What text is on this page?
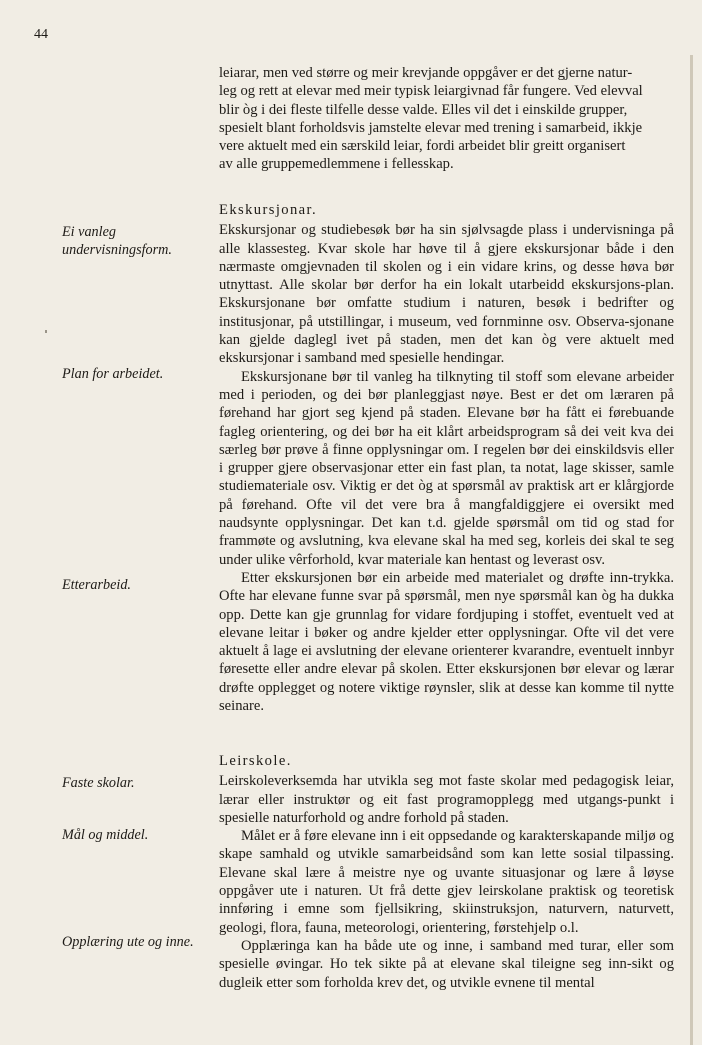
44
leiarar, men ved større og meir krevjande oppgåver er det gjerne natur-
leg og rett at elevar med meir typisk leiargivnad får fungere. Ved elevval
blir òg i dei fleste tilfelle desse valde. Elles vil det i einskilde grupper,
spesielt blant forholdsvis jamstelte elevar med trening i samarbeid, ikkje
vere aktuelt med ein særskild leiar, fordi arbeidet blir greitt organisert
av alle gruppemedlemmene i fellesskap.
Ekskursjonar.

Ekskursjonar og studiebesøk bør ha sin sjølvsagde plass i undervisninga på alle klassesteg. Kvar skole har høve til å gjere ekskursjonar både i den nærmaste omgjevnaden til skolen og i ein vidare krins, og desse høva bør utnyttast. Alle skolar bør derfor ha ein lokalt utarbeidd ekskursjons-plan. Ekskursjonane bør omfatte studium i naturen, besøk i bedrifter og institusjonar, på utstillingar, i museum, ved fornminne osv. Observa-sjonane kan gjelde daglegl ivet på staden, men det kan òg vere aktuelt med ekskursjonar i samband med spesielle hendingar.

Ekskursjonane bør til vanleg ha tilknyting til stoff som elevane arbeider med i perioden, og dei bør planleggjast nøye. Best er det om læraren på førehand har gjort seg kjend på staden. Elevane bør ha fått ei førebuande fagleg orientering, og dei bør ha eit klårt arbeidsprogram så dei veit kva dei særleg bør prøve å finne opplysningar om. I regelen bør dei einskildsvis eller i grupper gjere observasjonar etter ein fast plan, ta notat, lage skisser, samle studiemateriale osv. Viktig er det òg at spørsmål av praktisk art er klårgjorde på førehand. Ofte vil det vere bra å mangfaldiggjere ei oversikt med naudsynte opplysningar. Det kan t.d. gjelde spørsmål om tid og stad for frammøte og avslutning, kva elevane skal ha med seg, korleis dei skal te seg under ulike vêrforhold, kvar materiale kan hentast og leverast osv.

Etter ekskursjonen bør ein arbeide med materialet og drøfte inn-trykka. Ofte har elevane funne svar på spørsmål, men nye spørsmål kan òg ha dukka opp. Dette kan gje grunnlag for vidare fordjuping i stoffet, eventuelt ved at elevane leitar i bøker og andre kjelder etter opplysningar. Ofte vil det vere aktuelt å lage ei avslutning der elevane orienterer kvarandre, eventuelt innbyr føresette eller andre elevar på skolen. Etter ekskursjonen bør elevar og lærar drøfte opplegget og notere viktige røynsler, slik at desse kan komme til nytte seinare.

Ei vanleg undervisningsform.
Plan for arbeidet.
Etterarbeid.
Leirskole.

Leirskoleverksemda har utvikla seg mot faste skolar med pedagogisk leiar, lærar eller instruktør og eit fast programopplegg med utgangs-punkt i spesielle naturforhold og andre forhold på staden.

Målet er å føre elevane inn i eit oppsedande og karakterskapande miljø og skape samhald og utvikle samarbeidsånd som kan lette sosial tilpassing. Elevane skal lære å meistre nye og uvante situasjonar og lære å løyse oppgåver ute i naturen. Ut frå dette gjev leirskolane praktisk og teoretisk innføring i emne som fjellsikring, skiinstruksjon, naturvern, naturvett, geologi, flora, fauna, meteorologi, orientering, førstehjelp o.l.

Opplæringa kan ha både ute og inne, i samband med turar, eller som spesielle øvingar. Ho tek sikte på at elevane skal tileigne seg inn-sikt og dugleik etter som forholda krev det, og utvikle evnene til mental

Faste skolar.
Mål og middel.
Opplæring ute og inne.
